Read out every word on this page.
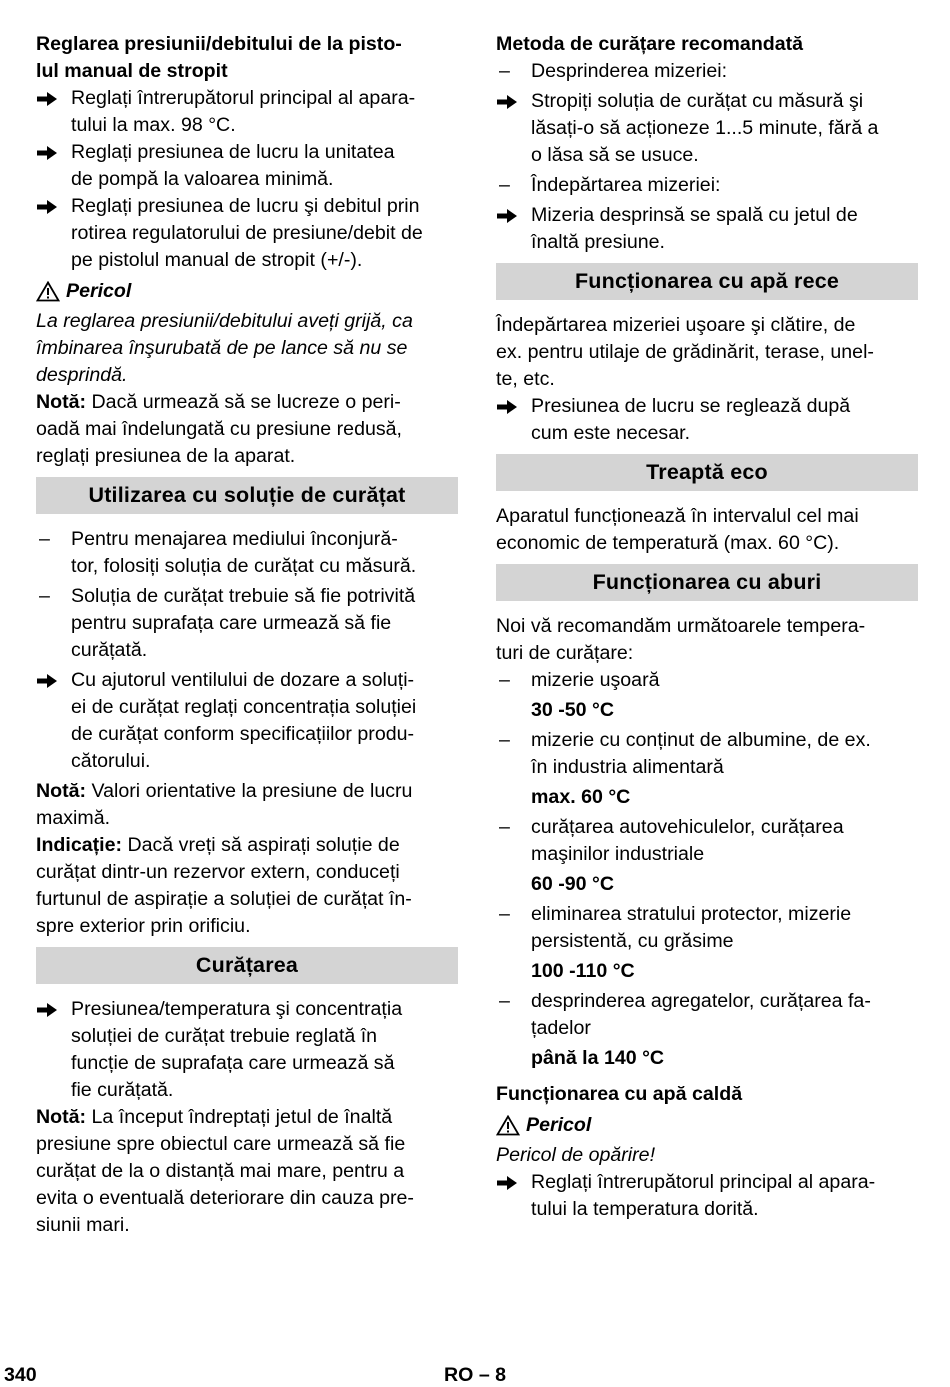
Reglarea presiunii/debitului de la pisto-
lul manual de stropit

Reglați întrerupătorul principal al apara-
tului la max. 98 °C.
Reglați presiunea de lucru la unitatea
de pompă la valoarea minimă.
Reglați presiunea de lucru şi debitul prin
rotirea regulatorului de presiune/debit de
pe pistolul manual de stropit (+/-).
Pericol

La reglarea presiunii/debitului aveți grijă, ca
îmbinarea înşurubată de pe lance să nu se
desprindă.

Notă: Dacă urmează să se lucreze o peri-
oadă mai îndelungată cu presiune redusă,
reglați presiunea de la aparat.

Utilizarea cu soluție de curățat
–	Pentru menajarea mediului înconjură-
tor, folosiți soluția de curățat cu măsură.
–	Soluția de curățat trebuie să fie potrivită
pentru suprafața care urmează să fie
curățată.
Cu ajutorul ventilului de dozare a soluți-
ei de curățat reglați concentrația soluției
de curățat conform specificațiilor produ-
cătorului.

Notă: Valori orientative la presiune de lucru
maximă.

Indicație: Dacă vreți să aspirați soluție de
curățat dintr-un rezervor extern, conduceți
furtunul de aspirație a soluției de curățat în-
spre exterior prin orificiu.

Curățarea
Presiunea/temperatura şi concentrația
soluției de curățat trebuie reglată în
funcție de suprafața care urmează să
fie curățată.

Notă: La început îndreptați jetul de înaltă
presiune spre obiectul care urmează să fie
curățat de la o distanță mai mare, pentru a
evita o eventuală deteriorare din cauza pre-
siunii mari.

Metoda de curățare recomandată

–	Desprinderea mizeriei:
Stropiți soluția de curățat cu măsură şi
lăsați-o să acționeze 1...5 minute, fără a
o lăsa să se usuce.
–	Îndepărtarea mizeriei:
Mizeria desprinsă se spală cu jetul de
înaltă presiune.
Funcționarea cu apă rece

Îndepărtarea mizeriei uşoare şi clătire, de
ex. pentru utilaje de grădinărit, terase, unel-
te, etc.

Presiunea de lucru se reglează după
cum este necesar.
Treaptă eco

Aparatul funcționează în intervalul cel mai
economic de temperatură (max. 60 °C).

Funcționarea cu aburi

Noi vă recomandăm următoarele tempera-
turi de curățare:

–	mizerie uşoară
30 -50 °C
–	mizerie cu conținut de albumine, de ex.
în industria alimentară
max. 60 °C
–	curățarea autovehiculelor, curățarea
maşinilor industriale
60 -90 °C
–	eliminarea stratului protector, mizerie
persistentă, cu grăsime
100 -110 °C
–	desprinderea agregatelor, curățarea fa-
țadelor
până la 140 °C

Funcționarea cu apă caldă

Pericol

Pericol de opărire!

Reglați întrerupătorul principal al apara-
tului la temperatura dorită.
340	RO – 8
